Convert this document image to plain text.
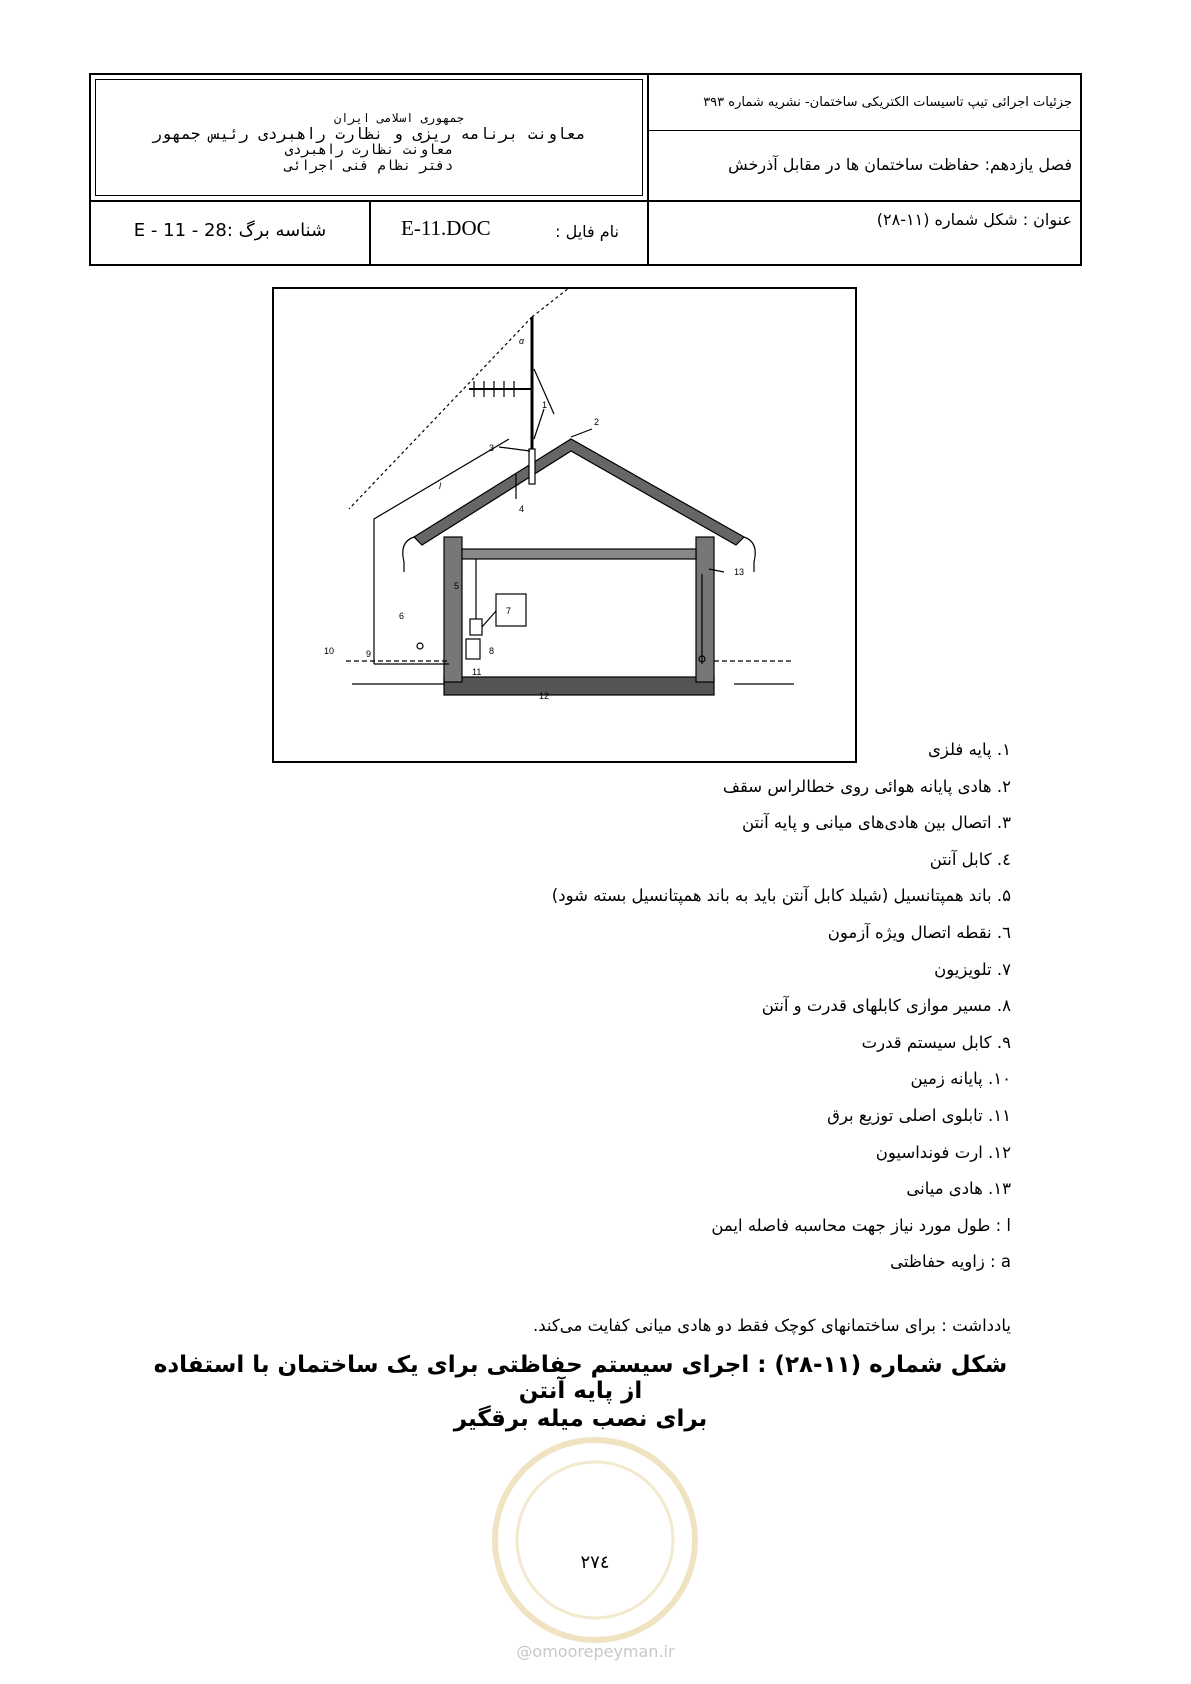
جزئیات اجرائی تیپ تاسیسات الکتریکی ساختمان- نشریه شماره ۳۹۳
فصل یازدهم: حفاظت ساختمان ها در مقابل آذرخش
عنوان : شکل شماره (۱۱-۲۸)
جمهوری اسلامی ایران
معاونت برنامه ریزی و نظارت راهبردی رئیس جمهور
معاونت نظارت راهبردی
دفتر نظام فنی اجرائی
نام فایل :
E-11.DOC
شناسه برگ :28 - 11 - E
1
2
3
4
5
6	7
8
9
10
11
12
13
l
α
۱. پایه فلزی
۲. هادی پایانه هوائی روی خطالراس سقف
۳. اتصال بین هادی‌های میانی و پایه آنتن
٤. کابل آنتن
۵. باند همپتانسیل (شیلد کابل آنتن باید به باند همپتانسیل بسته شود)
٦. نقطه اتصال ویژه آزمون
۷. تلویزیون
۸. مسیر موازی کابلهای قدرت و آنتن
۹. کابل سیستم قدرت
۱۰. پایانه زمین
۱۱. تابلوی اصلی توزیع برق
۱۲. ارت فونداسیون
۱۳. هادی میانی
l : طول مورد نیاز جهت محاسبه فاصله ایمن
a : زاویه حفاظتی
یادداشت : برای ساختمانهای کوچک فقط دو هادی میانی کفایت می‌کند.
شکل شماره (۱۱-۲۸) : اجرای سیستم حفاظتی برای یک ساختمان با استفاده از پایه آنتن
برای نصب میله برقگیر
۲۷٤
@omoorepeyman.ir
